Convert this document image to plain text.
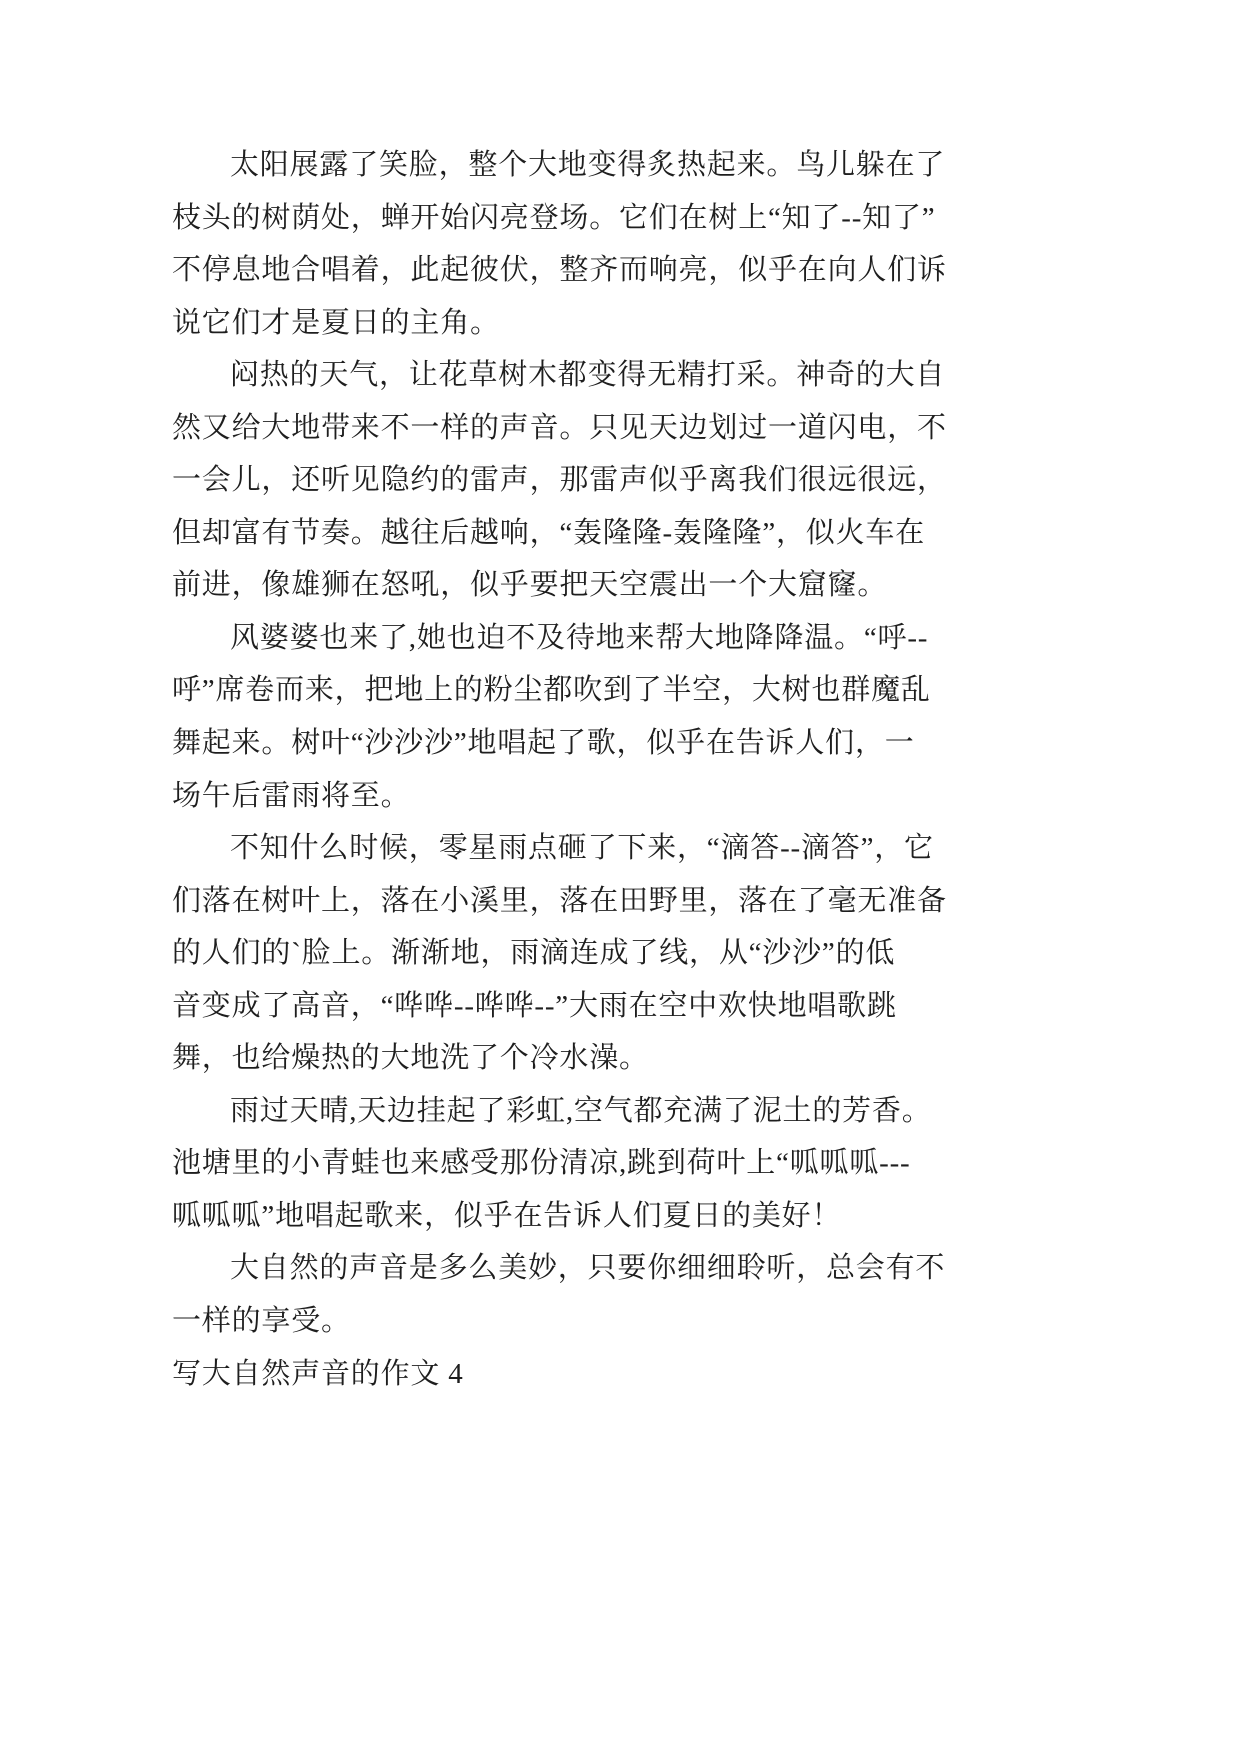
太阳展露了笑脸，整个大地变得炙热起来。鸟儿躲在了
枝头的树荫处，蝉开始闪亮登场。它们在树上“知了--知了”
不停息地合唱着，此起彼伏，整齐而响亮，似乎在向人们诉
说它们才是夏日的主角。
闷热的天气，让花草树木都变得无精打采。神奇的大自
然又给大地带来不一样的声音。只见天边划过一道闪电，不
一会儿，还听见隐约的雷声，那雷声似乎离我们很远很远，
但却富有节奏。越往后越响，“轰隆隆-轰隆隆”，似火车在
前进，像雄狮在怒吼，似乎要把天空震出一个大窟窿。
风婆婆也来了,她也迫不及待地来帮大地降降温。“呼--
呼”席卷而来，把地上的粉尘都吹到了半空，大树也群魔乱
舞起来。树叶“沙沙沙”地唱起了歌，似乎在告诉人们，一
场午后雷雨将至。
不知什么时候，零星雨点砸了下来，“滴答--滴答”，它
们落在树叶上，落在小溪里，落在田野里，落在了毫无准备
的人们的`脸上。渐渐地，雨滴连成了线，从“沙沙”的低
音变成了高音，“哗哗--哗哗--”大雨在空中欢快地唱歌跳
舞，也给燥热的大地洗了个冷水澡。
雨过天晴,天边挂起了彩虹,空气都充满了泥土的芳香。
池塘里的小青蛙也来感受那份清凉,跳到荷叶上“呱呱呱---
呱呱呱”地唱起歌来，似乎在告诉人们夏日的美好！
大自然的声音是多么美妙，只要你细细聆听，总会有不
一样的享受。
写大自然声音的作文 4
